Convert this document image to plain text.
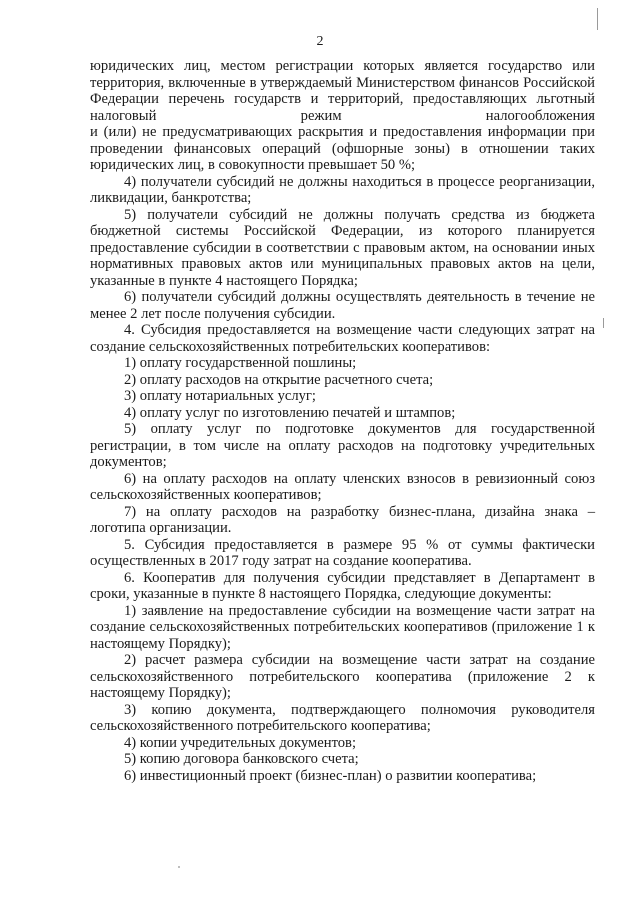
2

юридических лиц, местом регистрации которых является государство или территория, включенные в утверждаемый Министерством финансов Российской Федерации перечень государств и территорий, предоставляющих льготный налоговый режим налогообложения

и (или) не предусматривающих раскрытия и предоставления информации при проведении финансовых операций (офшорные зоны) в отношении таких юридических лиц, в совокупности превышает 50 %;

4) получатели субсидий не должны находиться в процессе реорганизации, ликвидации, банкротства;

5) получатели субсидий не должны получать средства из бюджета бюджетной системы Российской Федерации, из которого планируется предоставление субсидии в соответствии с правовым актом, на основании иных нормативных правовых актов или муниципальных правовых актов на цели, указанные в пункте 4 настоящего Порядка;

6) получатели субсидий должны осуществлять деятельность в течение не менее 2 лет после получения субсидии.

4. Субсидия предоставляется на возмещение части следующих затрат на создание сельскохозяйственных потребительских кооперативов:

1) оплату государственной пошлины;

2) оплату расходов на открытие расчетного счета;

3) оплату нотариальных услуг;

4) оплату услуг по изготовлению печатей и штампов;

5) оплату услуг по подготовке документов для государственной регистрации, в том числе на оплату расходов на подготовку учредительных документов;

6) на оплату расходов на оплату членских взносов в ревизионный союз сельскохозяйственных кооперативов;

7) на оплату расходов на разработку бизнес-плана, дизайна знака – логотипа организации.

5. Субсидия предоставляется в размере 95 % от суммы фактически осуществленных в 2017 году затрат на создание кооператива.

6. Кооператив для получения субсидии представляет в Департамент в сроки, указанные в пункте 8 настоящего Порядка, следующие документы:

1) заявление на предоставление субсидии на возмещение части затрат на создание сельскохозяйственных потребительских кооперативов (приложение 1 к настоящему Порядку);

2) расчет размера субсидии на возмещение части затрат на создание сельскохозяйственного потребительского кооператива (приложение 2 к настоящему Порядку);

3) копию документа, подтверждающего полномочия руководителя сельскохозяйственного потребительского кооператива;

4) копии учредительных документов;

5) копию договора банковского счета;

6) инвестиционный проект (бизнес-план) о развитии кооператива;
